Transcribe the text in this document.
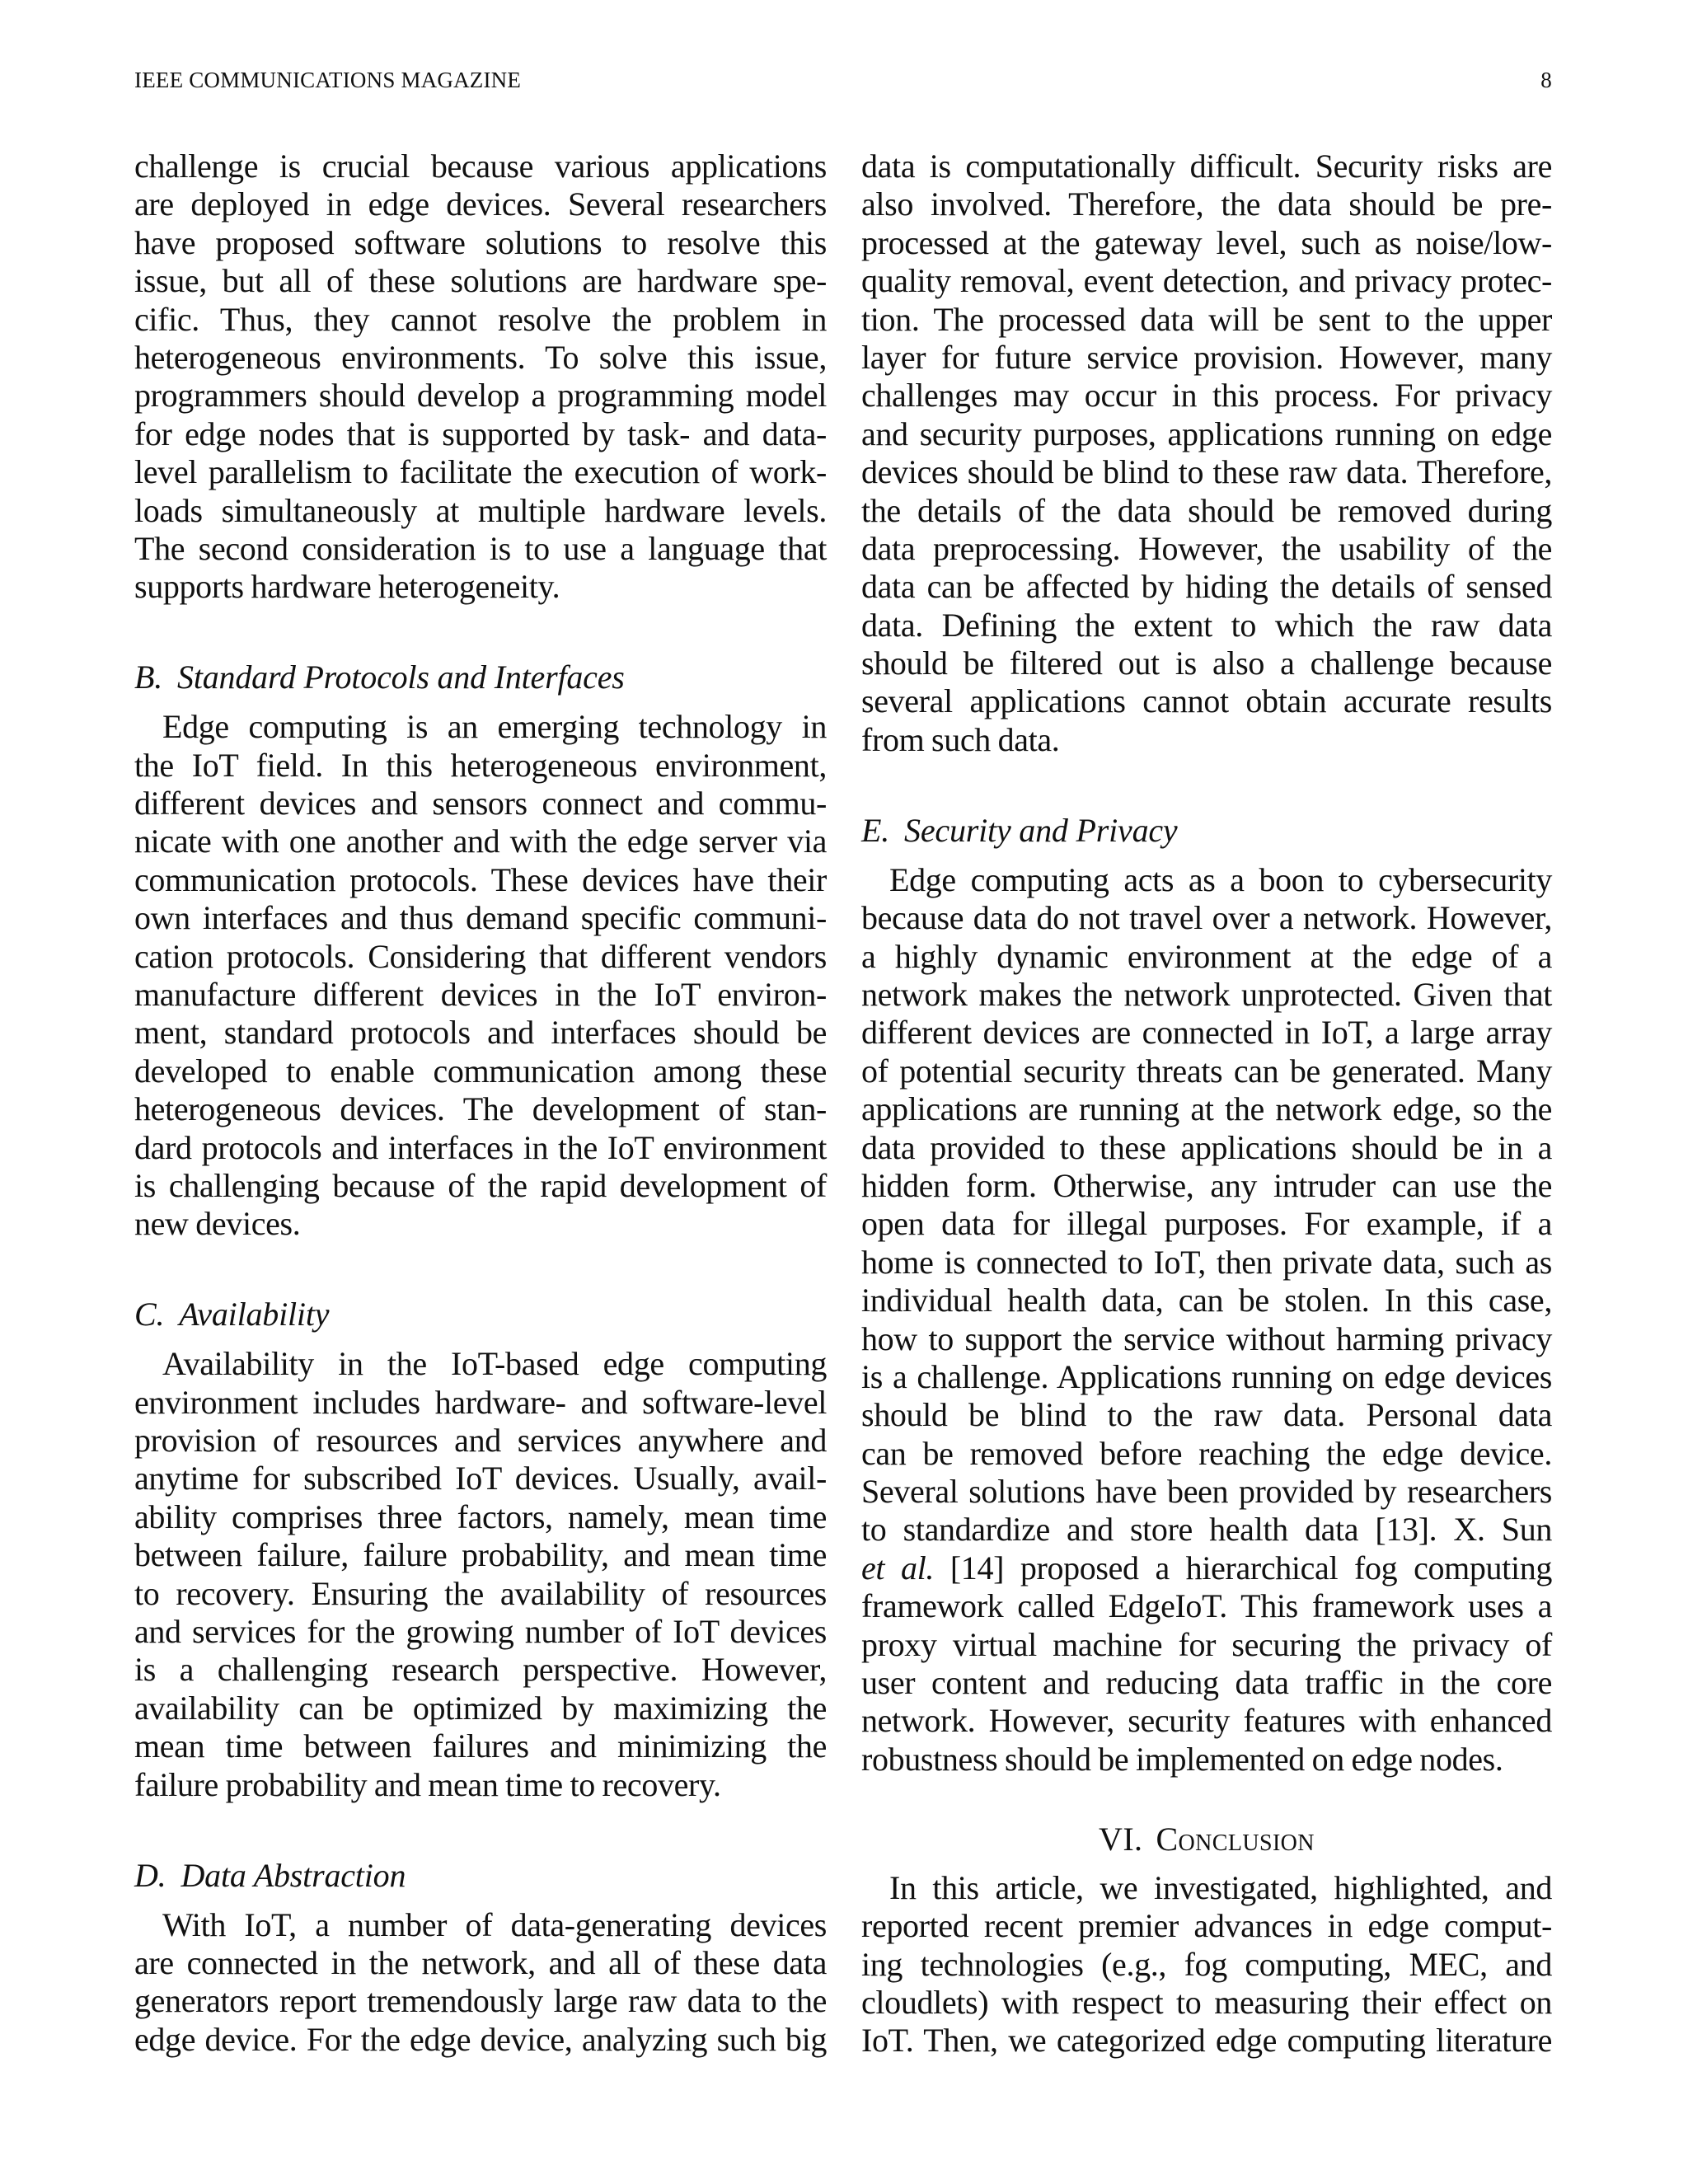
IEEE COMMUNICATIONS MAGAZINE	8
challenge is crucial because various applications
are deployed in edge devices. Several researchers
have proposed software solutions to resolve this
issue, but all of these solutions are hardware spe-
cific. Thus, they cannot resolve the problem in
heterogeneous environments. To solve this issue,
programmers should develop a programming model
for edge nodes that is supported by task- and data-
level parallelism to facilitate the execution of work-
loads simultaneously at multiple hardware levels.
The second consideration is to use a language that
supports hardware heterogeneity.
B. Standard Protocols and Interfaces
Edge computing is an emerging technology in
the IoT field. In this heterogeneous environment,
different devices and sensors connect and commu-
nicate with one another and with the edge server via
communication protocols. These devices have their
own interfaces and thus demand specific communi-
cation protocols. Considering that different vendors
manufacture different devices in the IoT environ-
ment, standard protocols and interfaces should be
developed to enable communication among these
heterogeneous devices. The development of stan-
dard protocols and interfaces in the IoT environment
is challenging because of the rapid development of
new devices.
C. Availability
Availability in the IoT-based edge computing
environment includes hardware- and software-level
provision of resources and services anywhere and
anytime for subscribed IoT devices. Usually, avail-
ability comprises three factors, namely, mean time
between failure, failure probability, and mean time
to recovery. Ensuring the availability of resources
and services for the growing number of IoT devices
is a challenging research perspective. However,
availability can be optimized by maximizing the
mean time between failures and minimizing the
failure probability and mean time to recovery.
D. Data Abstraction
With IoT, a number of data-generating devices
are connected in the network, and all of these data
generators report tremendously large raw data to the
edge device. For the edge device, analyzing such big
data is computationally difficult. Security risks are
also involved. Therefore, the data should be pre-
processed at the gateway level, such as noise/low-
quality removal, event detection, and privacy protec-
tion. The processed data will be sent to the upper
layer for future service provision. However, many
challenges may occur in this process. For privacy
and security purposes, applications running on edge
devices should be blind to these raw data. Therefore,
the details of the data should be removed during
data preprocessing. However, the usability of the
data can be affected by hiding the details of sensed
data. Defining the extent to which the raw data
should be filtered out is also a challenge because
several applications cannot obtain accurate results
from such data.
E. Security and Privacy
Edge computing acts as a boon to cybersecurity
because data do not travel over a network. However,
a highly dynamic environment at the edge of a
network makes the network unprotected. Given that
different devices are connected in IoT, a large array
of potential security threats can be generated. Many
applications are running at the network edge, so the
data provided to these applications should be in a
hidden form. Otherwise, any intruder can use the
open data for illegal purposes. For example, if a
home is connected to IoT, then private data, such as
individual health data, can be stolen. In this case,
how to support the service without harming privacy
is a challenge. Applications running on edge devices
should be blind to the raw data. Personal data
can be removed before reaching the edge device.
Several solutions have been provided by researchers
to standardize and store health data [13]. X. Sun
et al. [14] proposed a hierarchical fog computing
framework called EdgeIoT. This framework uses a
proxy virtual machine for securing the privacy of
user content and reducing data traffic in the core
network. However, security features with enhanced
robustness should be implemented on edge nodes.
VI. Conclusion
In this article, we investigated, highlighted, and
reported recent premier advances in edge comput-
ing technologies (e.g., fog computing, MEC, and
cloudlets) with respect to measuring their effect on
IoT. Then, we categorized edge computing literature
